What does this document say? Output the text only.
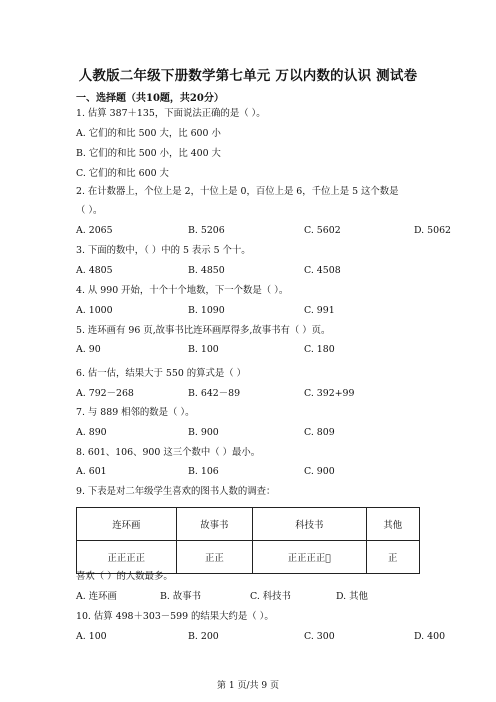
人教版二年级下册数学第七单元 万以内数的认识 测试卷
一、选择题（共10题，共20分）
1. 估算 387＋135，下面说法正确的是（ ）。
A. 它们的和比 500 大，比 600 小
B. 它们的和比 500 小，比 400 大
C. 它们的和比 600 大
2. 在计数器上，个位上是 2，十位上是 0，百位上是 6，千位上是 5 这个数是
（ ）。
A. 2065	B. 5206	C. 5602	D. 5062
3. 下面的数中，（ ）中的 5 表示 5 个十。
A. 4805	B. 4850	C. 4508
4. 从 990 开始，十个十个地数，下一个数是（ ）。
A. 1000	B. 1090	C. 991
5. 连环画有 96 页,故事书比连环画厚得多,故事书有（ ）页。
A. 90	B. 100	C. 180
6. 估一估，结果大于 550 的算式是（ ）
A. 792－268	B. 642－89	C. 392+99
7. 与 889 相邻的数是（ ）。
A. 890	B. 900	C. 809
8. 601、106、900 这三个数中（ ）最小。
A. 601	B. 106	C. 900
9. 下表是对二年级学生喜欢的图书人数的调查：
连环画	故事书	科技书	其他
正正正正	正正	正正正正𠀆	正
喜欢（ ）的人数最多。
A. 连环画	B. 故事书	C. 科技书	D. 其他
10. 估算 498＋303－599 的结果大约是（ ）。
A. 100	B. 200	C. 300	D. 400
第 1 页/共 9 页
